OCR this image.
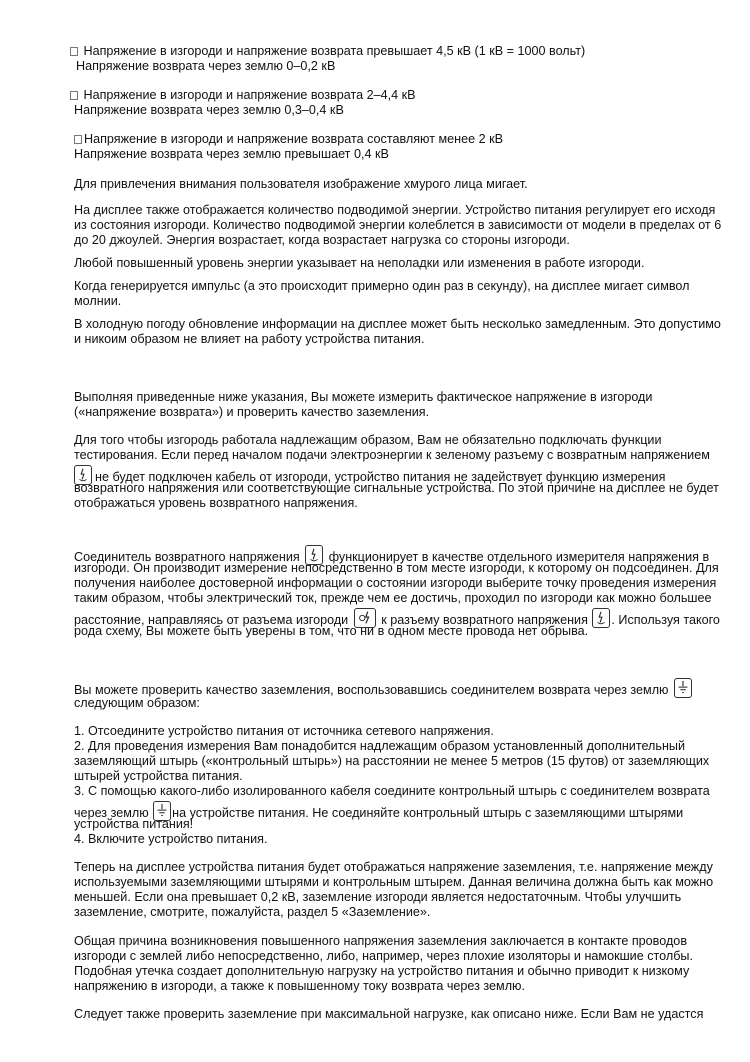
Напряжение в изгороди и напряжение возврата превышает 4,5 кВ (1 кВ = 1000 вольт)
Напряжение возврата через землю 0–0,2 кВ
Напряжение в изгороди и напряжение возврата 2–4,4 кВ
Напряжение возврата через землю 0,3–0,4 кВ
Напряжение в изгороди и напряжение возврата составляют менее 2 кВ
Напряжение возврата через землю превышает 0,4 кВ
Для привлечения внимания пользователя изображение хмурого лица мигает.
На дисплее также отображается количество подводимой энергии. Устройство питания регулирует его исходя
из состояния изгороди. Количество подводимой энергии колеблется в зависимости от модели в пределах от 6
до 20 джоулей. Энергия возрастает, когда возрастает нагрузка со стороны изгороди.
Любой повышенный уровень энергии указывает на неполадки или изменения в работе изгороди.
Когда генерируется импульс (а это происходит примерно один раз в секунду), на дисплее мигает символ
молнии.
В холодную погоду обновление информации на дисплее может быть несколько замедленным. Это допустимо
и никоим образом не влияет на работу устройства питания.
Выполняя приведенные ниже указания, Вы можете измерить фактическое напряжение в изгороди
(«напряжение возврата») и проверить качество заземления.
Для того чтобы изгородь работала надлежащим образом, Вам не обязательно подключать функции
тестирования. Если перед началом подачи электроэнергии к зеленому разъему с возвратным напряжением
не будет подключен кабель от изгороди, устройство питания не задействует функцию измерения
возвратного напряжения или соответствующие сигнальные устройства. По этой причине на дисплее не будет
отображаться уровень возвратного напряжения.
Соединитель возвратного напряжения функционирует в качестве отдельного измерителя напряжения в
изгороди. Он производит измерение непосредственно в том месте изгороди, к которому он подсоединен. Для
получения наиболее достоверной информации о состоянии изгороди выберите точку проведения измерения
таким образом, чтобы электрический ток, прежде чем ее достичь, проходил по изгороди как можно большее
расстояние, направляясь от разъема изгороди	к разъему возвратного напряжения . Используя такого
рода схему, Вы можете быть уверены в том, что ни в одном месте провода нет обрыва.
Вы можете проверить качество заземления, воспользовавшись соединителем возврата через землю
следующим образом:
1. Отсоедините устройство питания от источника сетевого напряжения.
2. Для проведения измерения Вам понадобится надлежащим образом установленный дополнительный
заземляющий штырь («контрольный штырь») на расстоянии не менее 5 метров (15 футов) от заземляющих
штырей устройства питания.
3. С помощью какого-либо изолированного кабеля соедините контрольный штырь с соединителем возврата
через землю на устройстве питания. Не соединяйте контрольный штырь с заземляющими штырями
устройства питания!
4. Включите устройство питания.
Теперь на дисплее устройства питания будет отображаться напряжение заземления, т.е. напряжение между
используемыми заземляющими штырями и контрольным штырем. Данная величина должна быть как можно
меньшей. Если она превышает 0,2 кВ, заземление изгороди является недостаточным. Чтобы улучшить
заземление, смотрите, пожалуйста, раздел 5 «Заземление».
Общая причина возникновения повышенного напряжения заземления заключается в контакте проводов
изгороди с землей либо непосредственно, либо, например, через плохие изоляторы и намокшие столбы.
Подобная утечка создает дополнительную нагрузку на устройство питания и обычно приводит к низкому
напряжению в изгороди, а также к повышенному току возврата через землю.
Следует также проверить заземление при максимальной нагрузке, как описано ниже. Если Вам не удастся
